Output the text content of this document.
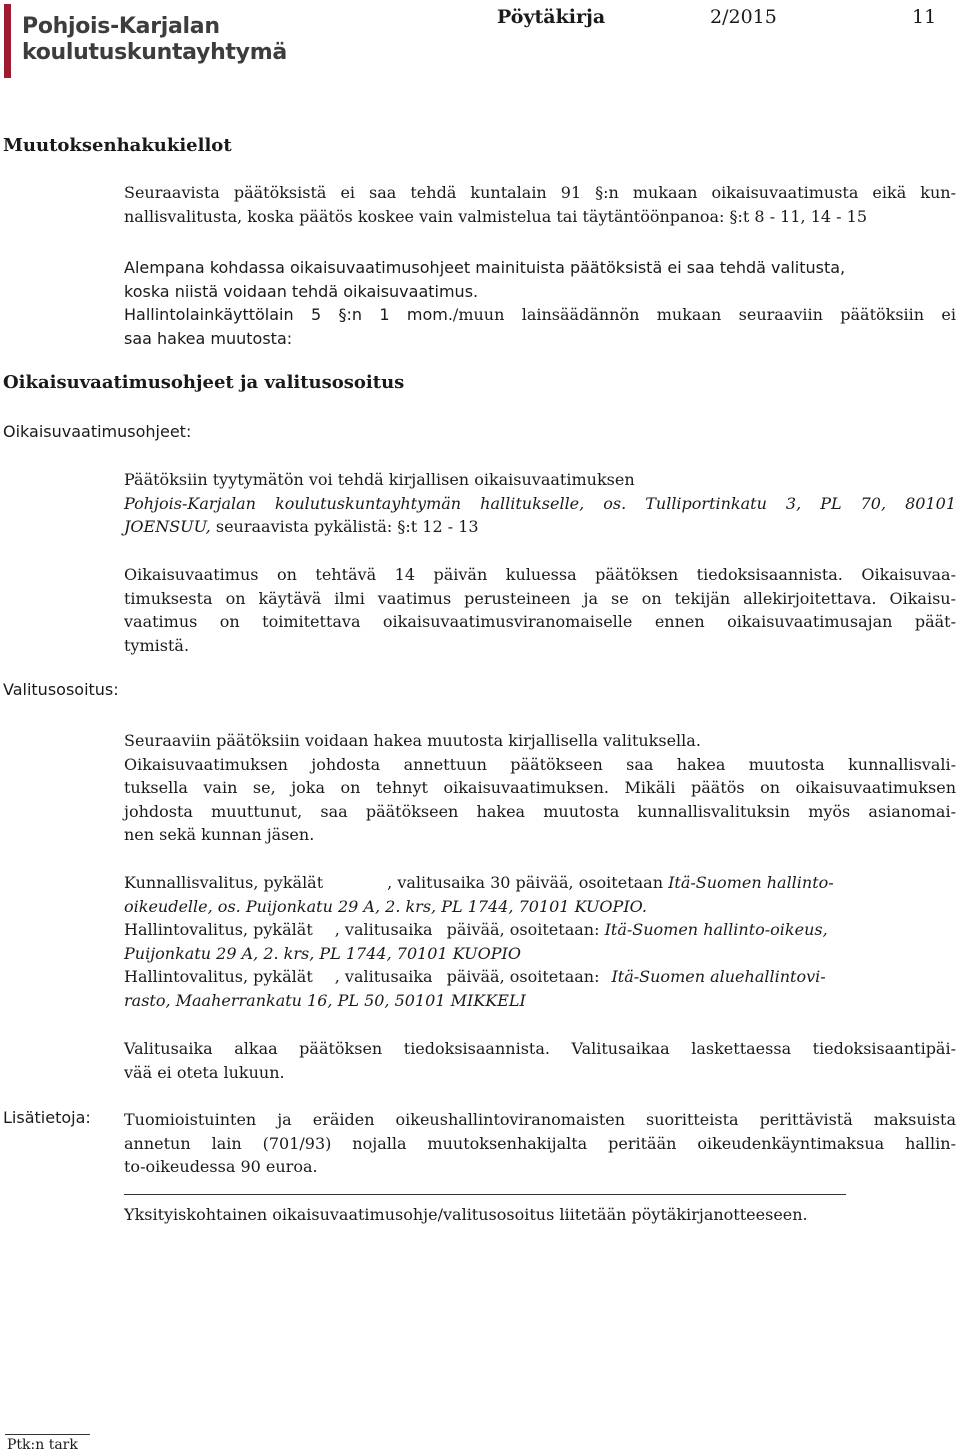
Pohjois-Karjalan
koulutuskuntayhtymä
Pöytäkirja	2/2015	11
Muutoksenhakukiellot
Seuraavista päätöksistä ei saa tehdä kuntalain 91 §:n mukaan oikaisuvaatimusta eikä kun-
nallisvalitusta, koska päätös koskee vain valmistelua tai täytäntöönpanoa: §:t 8 - 11, 14 - 15
Alempana kohdassa oikaisuvaatimusohjeet mainituista päätöksistä ei saa tehdä valitusta,
koska niistä voidaan tehdä oikaisuvaatimus.
Hallintolainkäyttölain 5 §:n 1 mom./muun lainsäädännön mukaan seuraaviin päätöksiin ei
saa hakea muutosta:
Oikaisuvaatimusohjeet ja valitusosoitus
Oikaisuvaatimusohjeet:
Päätöksiin tyytymätön voi tehdä kirjallisen oikaisuvaatimuksen
Pohjois-Karjalan koulutuskuntayhtymän hallitukselle, os. Tulliportinkatu 3, PL 70, 80101
JOENSUU, seuraavista pykälistä: §:t 12 - 13
Oikaisuvaatimus on tehtävä 14 päivän kuluessa päätöksen tiedoksisaannista. Oikaisuvaa-
timuksesta on käytävä ilmi vaatimus perusteineen ja se on tekijän allekirjoitettava. Oikaisu-
vaatimus on toimitettava oikaisuvaatimusviranomaiselle ennen oikaisuvaatimusajan päät-
tymistä.
Valitusosoitus:
Seuraaviin päätöksiin voidaan hakea muutosta kirjallisella valituksella.
Oikaisuvaatimuksen johdosta annettuun päätökseen saa hakea muutosta kunnallisvali-
tuksella vain se, joka on tehnyt oikaisuvaatimuksen. Mikäli päätös on oikaisuvaatimuksen
johdosta muuttunut, saa päätökseen hakea muutosta kunnallisvalituksin myös asianomai-
nen sekä kunnan jäsen.
Kunnallisvalitus, pykälät	, valitusaika 30 päivää, osoitetaan Itä-Suomen hallinto-
oikeudelle, os. Puijonkatu 29 A, 2. krs, PL 1744, 70101 KUOPIO.
Hallintovalitus, pykälät , valitusaika päivää, osoitetaan: Itä-Suomen hallinto-oikeus,
Puijonkatu 29 A, 2. krs, PL 1744, 70101 KUOPIO
Hallintovalitus, pykälät , valitusaika päivää, osoitetaan: Itä-Suomen aluehallintovi-
rasto, Maaherrankatu 16, PL 50, 50101 MIKKELI
Valitusaika alkaa päätöksen tiedoksisaannista. Valitusaikaa laskettaessa tiedoksisaantipäi-
vää ei oteta lukuun.
Lisätietoja: Tuomioistuinten ja eräiden oikeushallintoviranomaisten suoritteista perittävistä maksuista
annetun lain (701/93) nojalla muutoksenhakijalta peritään oikeudenkäyntimaksua hallin-
to-oikeudessa 90 euroa.
Yksityiskohtainen oikaisuvaatimusohje/valitusosoitus liitetään pöytäkirjanotteeseen.
Ptk:n tark
